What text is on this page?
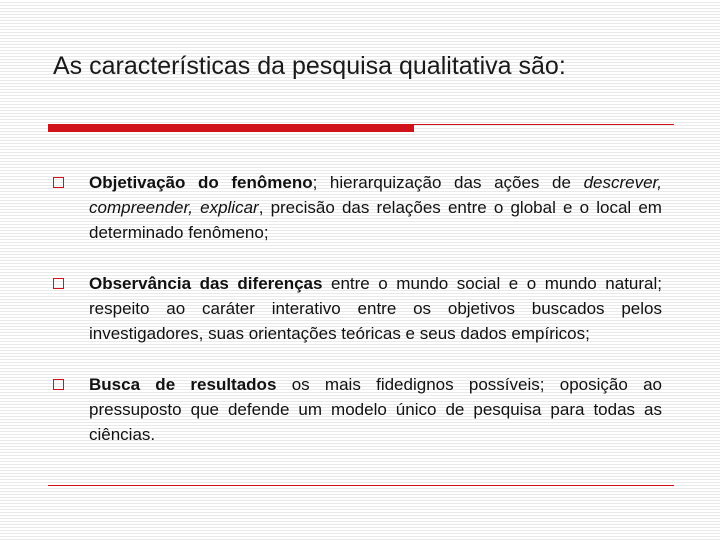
As características da pesquisa qualitativa são:
Objetivação do fenômeno; hierarquização das ações de descrever, compreender, explicar, precisão das relações entre o global e o local em determinado fenômeno;
Observância das diferenças entre o mundo social e o mundo natural; respeito ao caráter interativo entre os objetivos buscados pelos investigadores, suas orientações teóricas e seus dados empíricos;
Busca de resultados os mais fidedignos possíveis; oposição ao pressuposto que defende um modelo único de pesquisa para todas as ciências.
